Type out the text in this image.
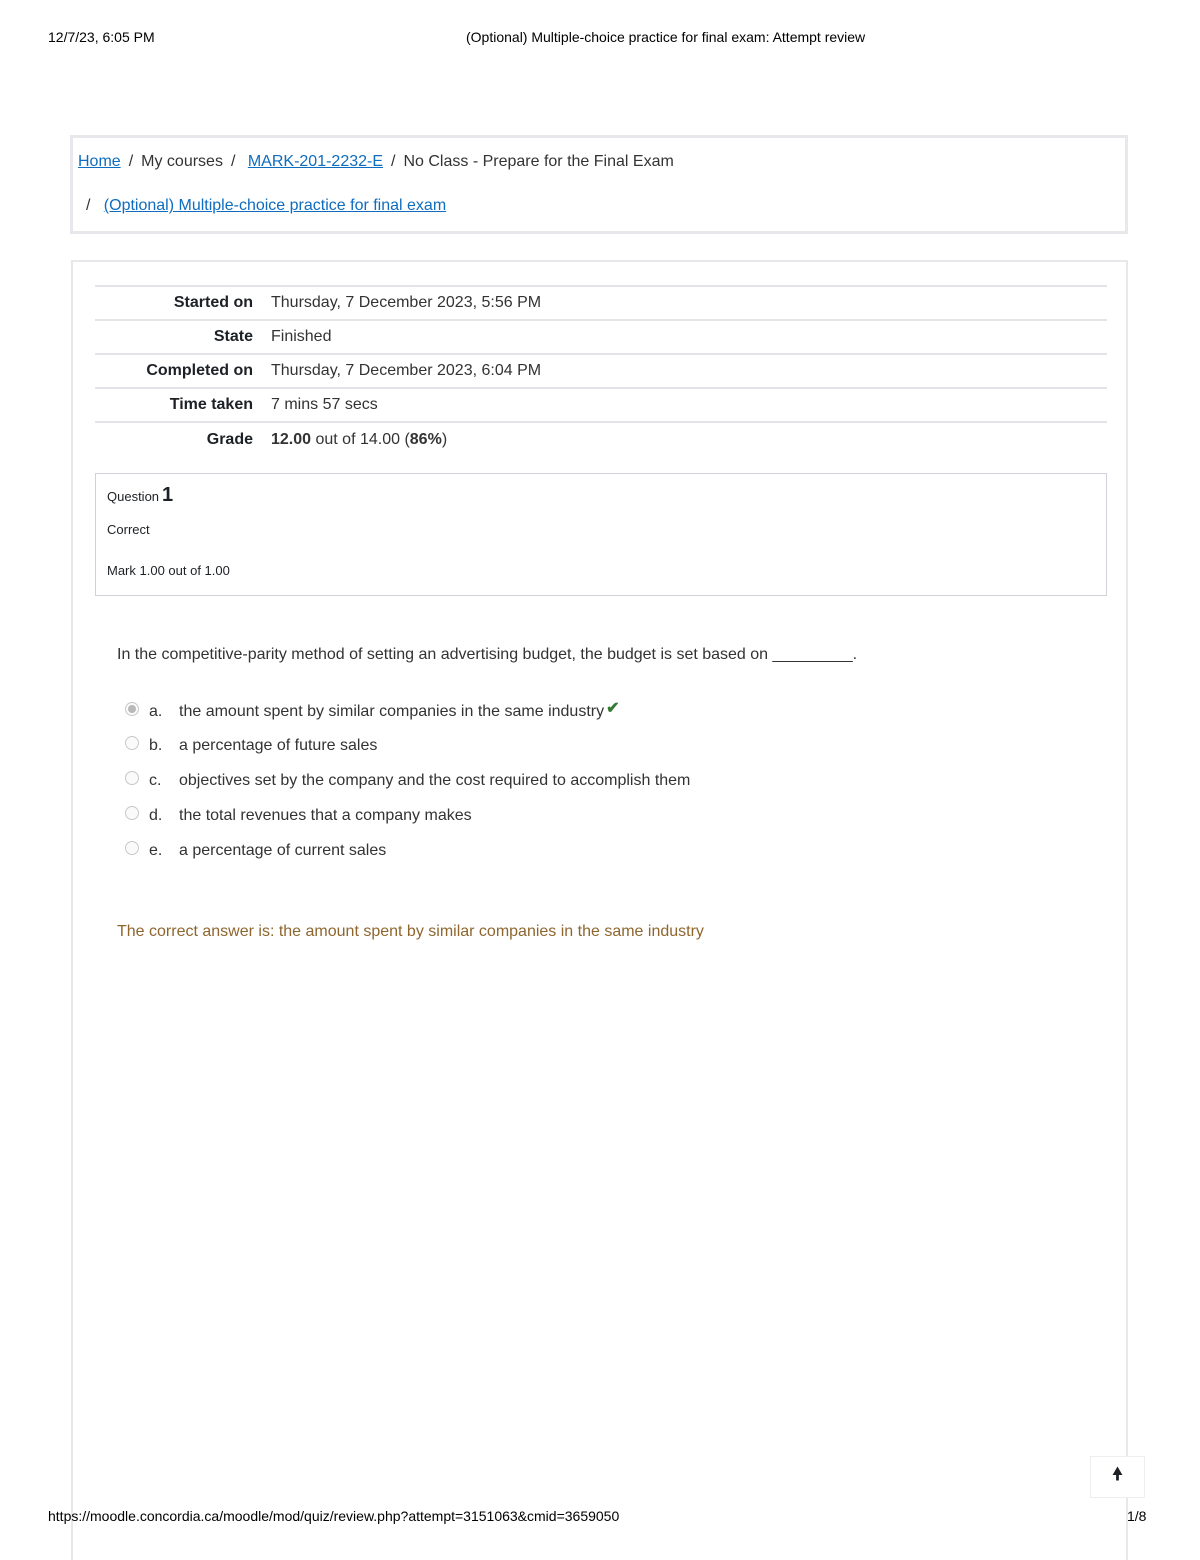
12/7/23, 6:05 PM	(Optional) Multiple-choice practice for final exam: Attempt review
Home / My courses / MARK-201-2232-E / No Class - Prepare for the Final Exam
/ (Optional) Multiple-choice practice for final exam
Started on	Thursday, 7 December 2023, 5:56 PM
State	Finished
Completed on	Thursday, 7 December 2023, 6:04 PM
Time taken	7 mins 57 secs
Grade	12.00 out of 14.00 (86%)
Question 1
Correct
Mark 1.00 out of 1.00
In the competitive-parity method of setting an advertising budget, the budget is set based on _________.
a.	the amount spent by similar companies in the same industry ✔
b.	a percentage of future sales
c.	objectives set by the company and the cost required to accomplish them
d.	the total revenues that a company makes
e.	a percentage of current sales
The correct answer is: the amount spent by similar companies in the same industry
🠝
https://moodle.concordia.ca/moodle/mod/quiz/review.php?attempt=3151063&cmid=3659050	1/8
